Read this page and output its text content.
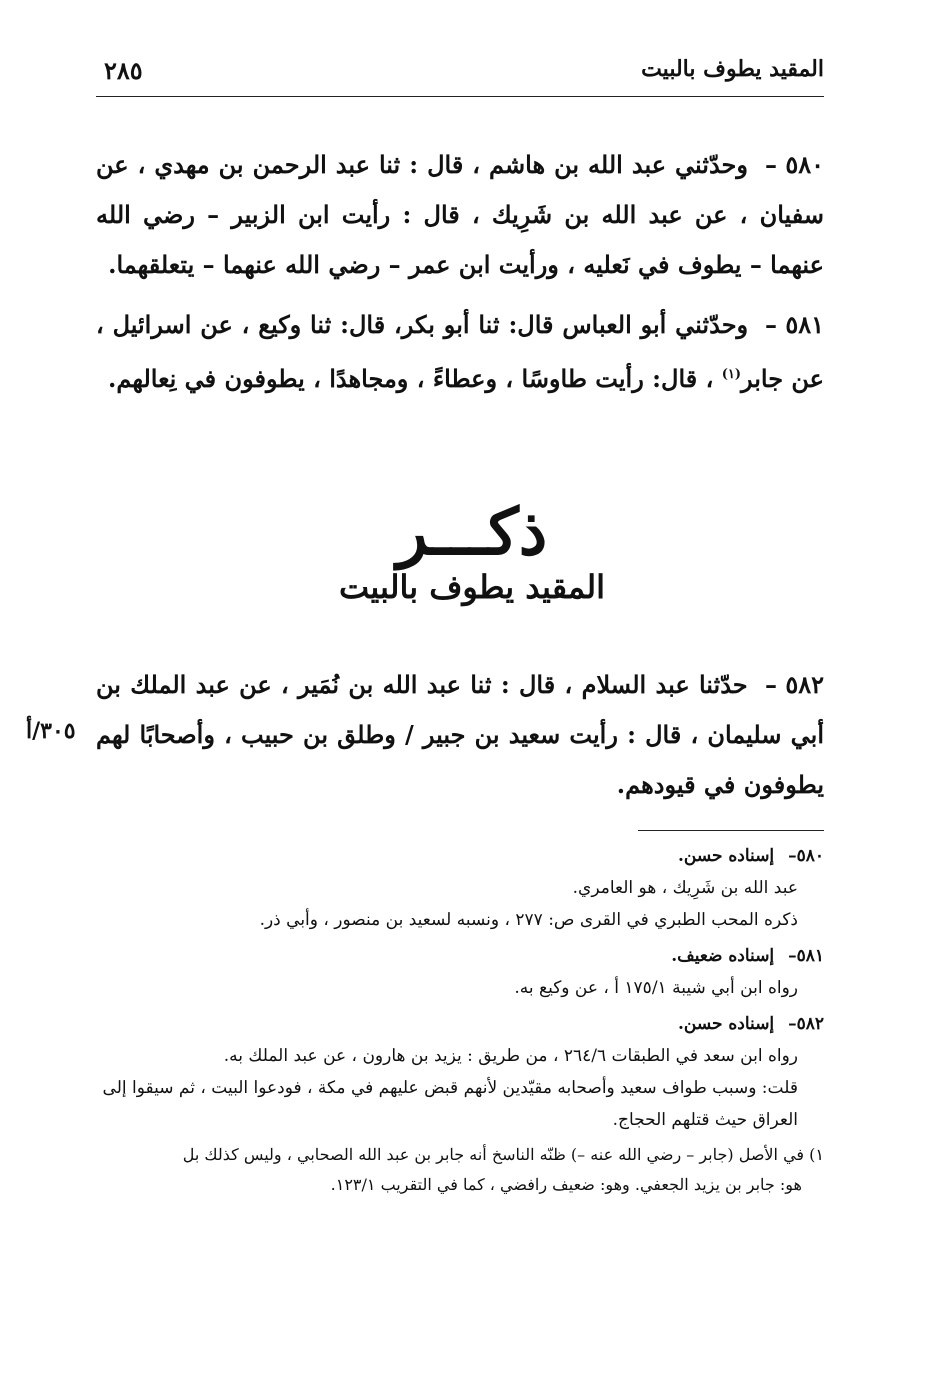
المقيد يطوف بالبيت
٢٨٥

٥٨٠ – وحدّثني عبد الله بن هاشم ، قال : ثنا عبد الرحمن بن مهدي ، عن سفيان ، عن عبد الله بن شَرِيك ، قال : رأيت ابن الزبير – رضي الله عنهما – يطوف في نَعليه ، ورأيت ابن عمر – رضي الله عنهما – يتعلقهما.

٥٨١ – وحدّثني أبو العباس قال: ثنا أبو بكر، قال: ثنا وكيع ، عن اسرائيل ، عن جابر$^{(١)}$ ، قال: رأيت طاوسًا ، وعطاءً ، ومجاهدًا ، يطوفون في نِعالهم.

ذكـــر
المقيد يطوف بالبيت

٥٨٢ – حدّثنا عبد السلام ، قال : ثنا عبد الله بن نُمَير ، عن عبد الملك بن أبي سليمان ، قال : رأيت سعيد بن جبير / وطلق بن حبيب ، وأصحابًا لهم يطوفون في قيودهم.

٣٠٥/أ

٥٨٠– إسناده حسن.

عبد الله بن شَرِيك ، هو العامري.

ذكره المحب الطبري في القرى ص: ٢٧٧ ، ونسبه لسعيد بن منصور ، وأبي ذر.

٥٨١– إسناده ضعيف.

رواه ابن أبي شيبة ١٧٥/١ أ ، عن وكيع به.

٥٨٢– إسناده حسن.

رواه ابن سعد في الطبقات ٢٦٤/٦ ، من طريق : يزيد بن هارون ، عن عبد الملك به.

قلت: وسبب طواف سعيد وأصحابه مقيّدين لأنهم قبض عليهم في مكة ، فودعوا البيت ، ثم سيقوا إلى العراق حيث قتلهم الحجاج.

١) في الأصل (جابر – رضي الله عنه –) ظنّه الناسخ أنه جابر بن عبد الله الصحابي ، وليس كذلك بل

هو: جابر بن يزيد الجعفي. وهو: ضعيف رافضي ، كما في التقريب ١٢٣/١.
